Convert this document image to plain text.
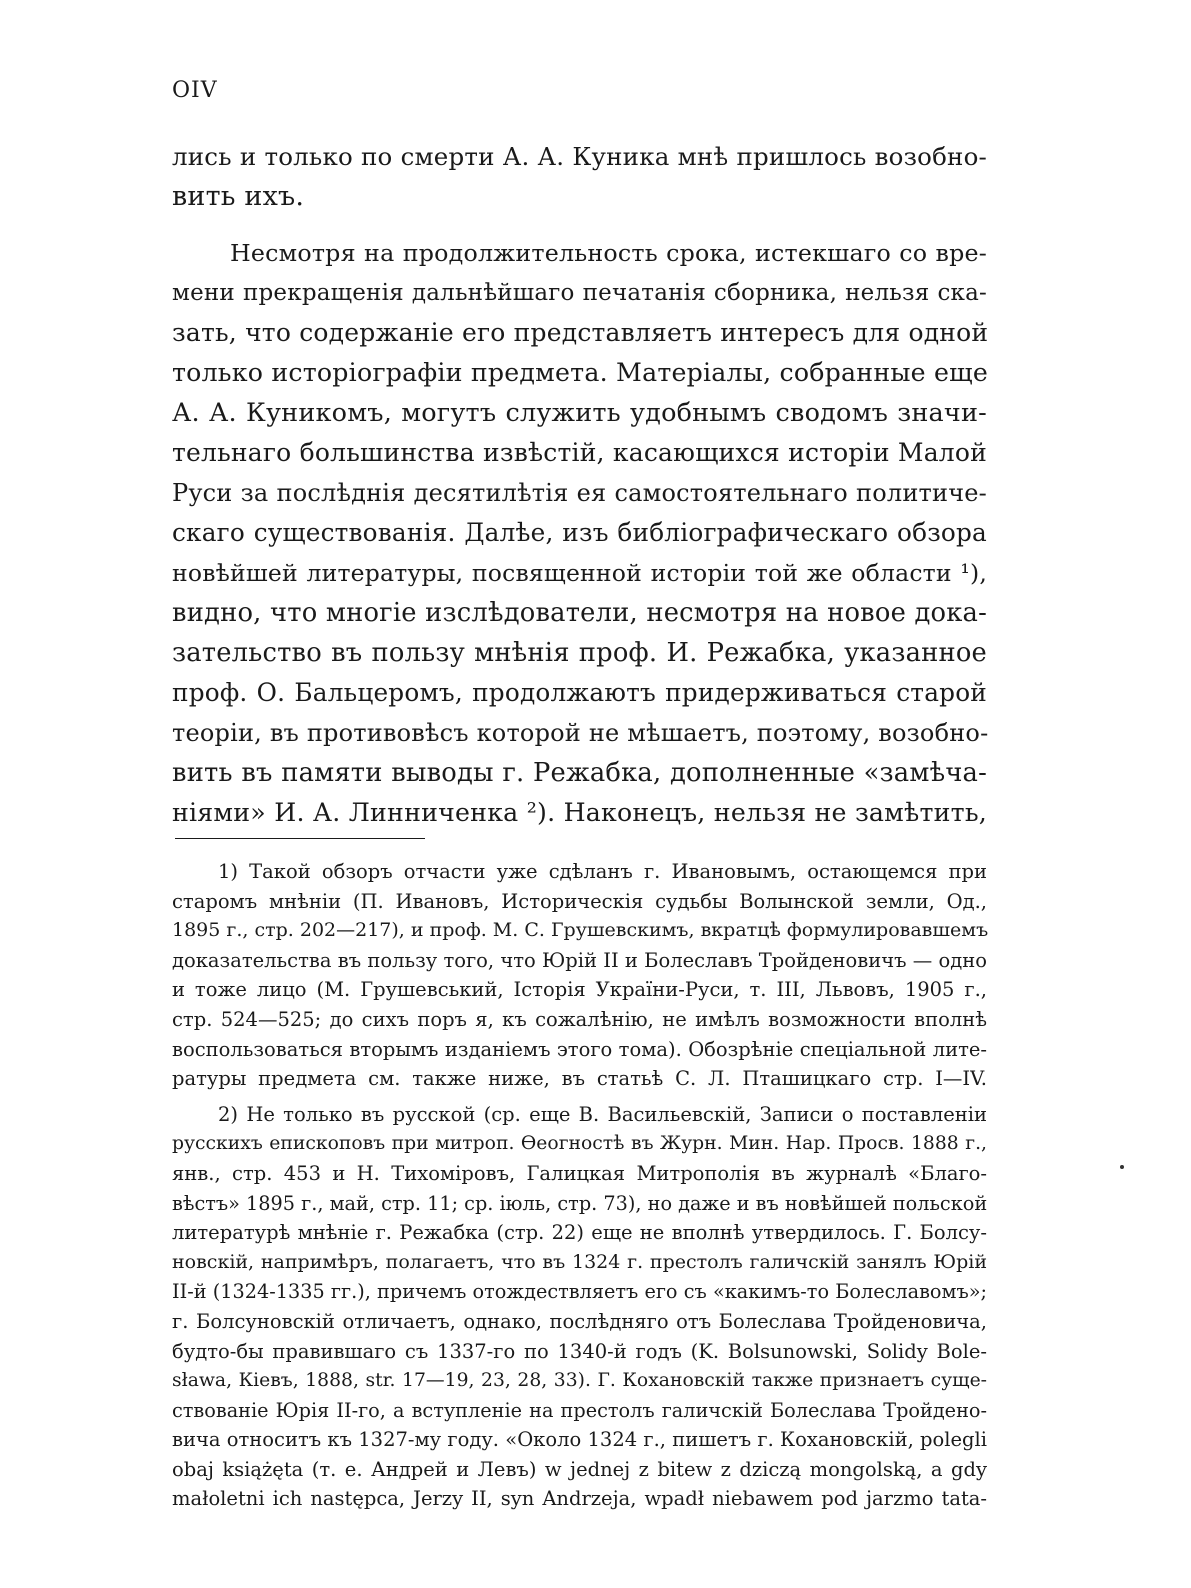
OIV
лись и только по смерти А. А. Куника мнѣ пришлось возобно-
вить ихъ.
Несмотря на продолжительность срока, истекшаго со вре-
мени прекращенія дальнѣйшаго печатанія сборника, нельзя ска-
зать, что содержаніе его представляетъ интересъ для одной
только исторіографіи предмета. Матеріалы, собранные еще
А. А. Куникомъ, могутъ служить удобнымъ сводомъ значи-
тельнаго большинства извѣстій, касающихся исторіи Малой
Руси за послѣднія десятилѣтія ея самостоятельнаго политиче-
скаго существованія. Далѣе, изъ библіографическаго обзора
новѣйшей литературы, посвященной исторіи той же области ¹),
видно, что многіе изслѣдователи, несмотря на новое дока-
зательство въ пользу мнѣнія проф. И. Режабка, указанное
проф. О. Бальцеромъ, продолжаютъ придерживаться старой
теоріи, въ противовѣсъ которой не мѣшаетъ, поэтому, возобно-
вить въ памяти выводы г. Режабка, дополненные «замѣча-
ніями» И. А. Линниченка ²). Наконецъ, нельзя не замѣтить,
1) Такой обзоръ отчасти уже сдѣланъ г. Ивановымъ, остающемся при
старомъ мнѣніи (П. Ивановъ, Историческія судьбы Волынской земли, Од.,
1895 г., стр. 202—217), и проф. М. С. Грушевскимъ, вкратцѣ формулировавшемъ
доказательства въ пользу того, что Юрій II и Болеславъ Тройденовичъ — одно
и тоже лицо (М. Грушевський, Історія України-Руси, т. III, Львовъ, 1905 г.,
стр. 524—525; до сихъ поръ я, къ сожалѣнію, не имѣлъ возможности вполнѣ
воспользоваться вторымъ изданіемъ этого тома). Обозрѣніе спеціальной лите-
ратуры предмета см. также ниже, въ статьѣ С. Л. Пташицкаго стр. I—IV.
2) Не только въ русской (ср. еще В. Васильевскій, Записи о поставленіи
русскихъ епископовъ при митроп. Ѳеогностѣ въ Журн. Мин. Нар. Просв. 1888 г.,
янв., стр. 453 и Н. Тихоміровъ, Галицкая Митрополія въ журналѣ «Благо-
вѣстъ» 1895 г., май, стр. 11; ср. іюль, стр. 73), но даже и въ новѣйшей польской
литературѣ мнѣніе г. Режабка (стр. 22) еще не вполнѣ утвердилось. Г. Болсу-
новскій, напримѣръ, полагаетъ, что въ 1324 г. престолъ галичскій занялъ Юрій
II-й (1324-1335 гг.), причемъ отождествляетъ его съ «какимъ-то Болеславомъ»;
г. Болсуновскій отличаетъ, однако, послѣдняго отъ Болеслава Тройденовича,
будто-бы правившаго съ 1337-го по 1340-й годъ (K. Bolsunowski, Solidy Bole-
sława, Кіевъ, 1888, str. 17—19, 23, 28, 33). Г. Кохановскій также признаетъ суще-
ствованіе Юрія II-го, а вступленіе на престолъ галичскій Болеслава Тройдено-
вича относитъ къ 1327-му году. «Около 1324 г., пишетъ г. Кохановскій, polegli
obaj książęta (т. е. Андрей и Левъ) w jednej z bitew z dziczą mongolską, a gdy
małoletni ich następca, Jerzy II, syn Andrzeja, wpadł niebawem pod jarzmo tata-
